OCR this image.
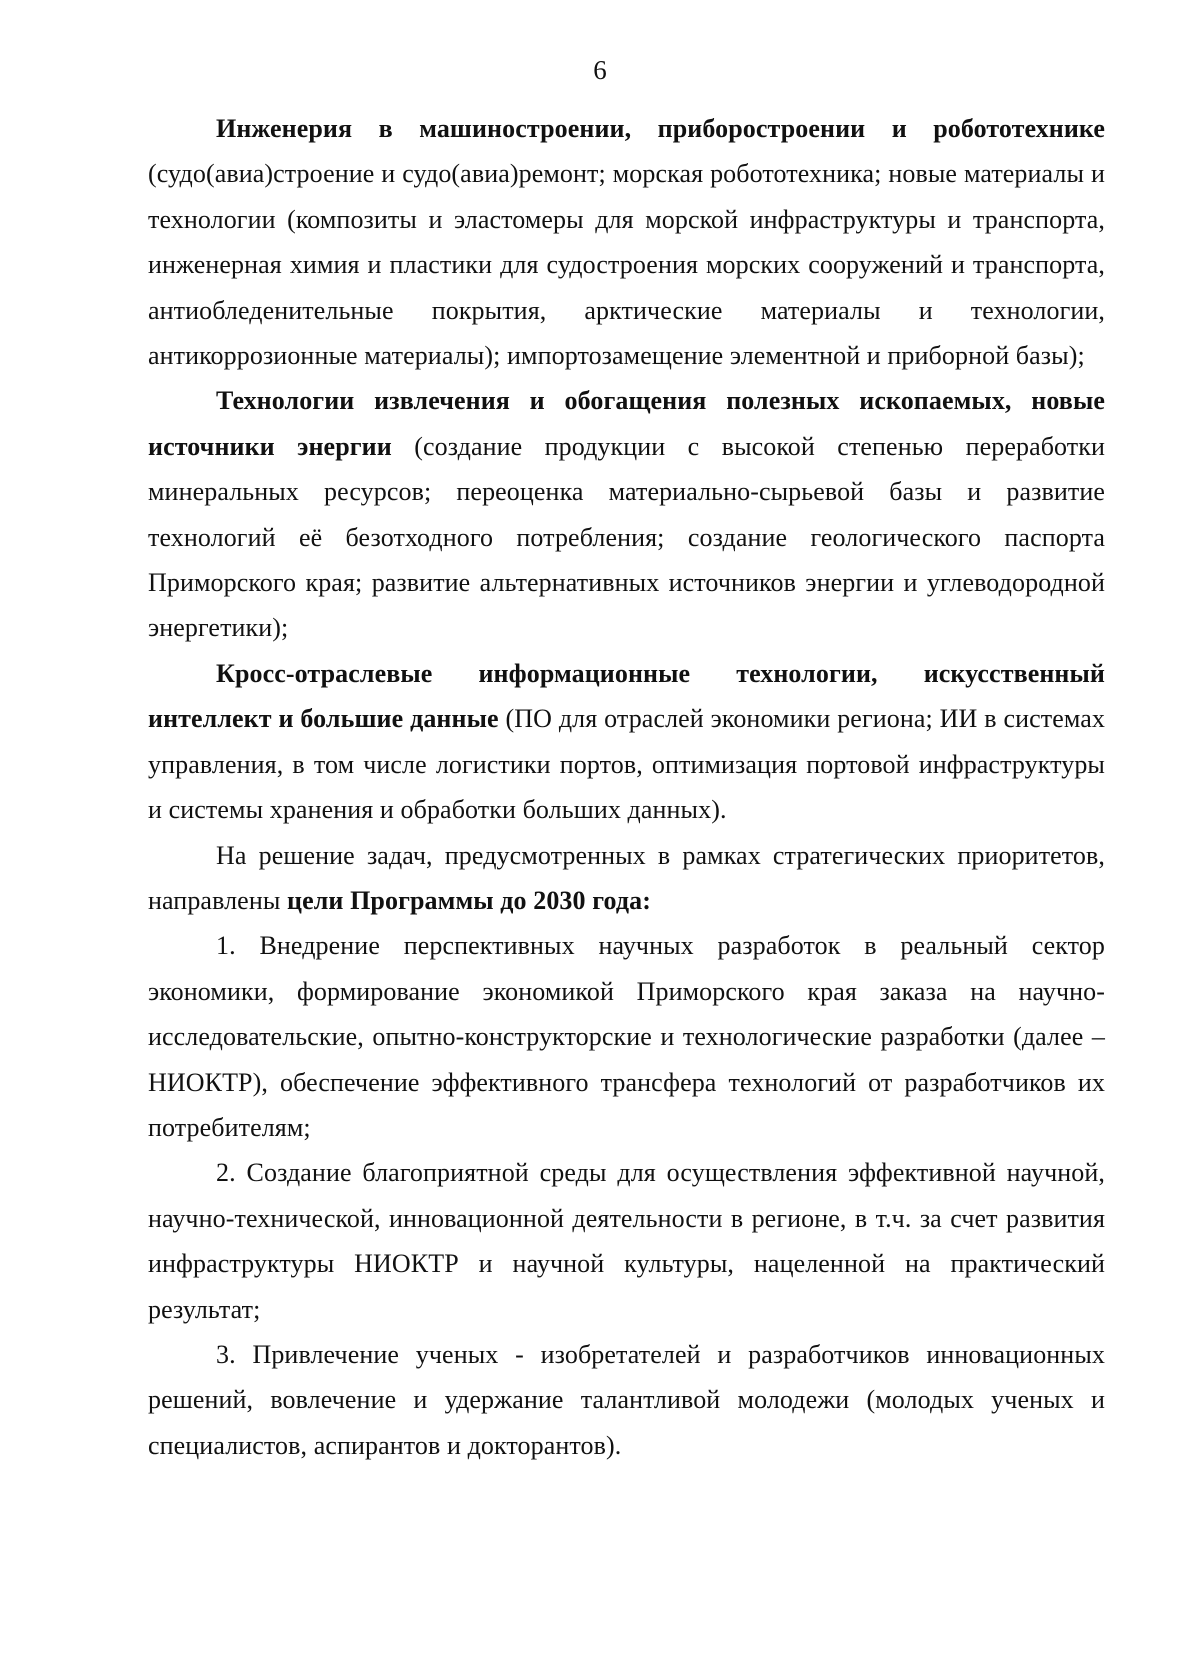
6

Инженерия в машиностроении, приборостроении и робототехнике (судо(авиа)строение и судо(авиа)ремонт; морская робототехника; новые материалы и технологии (композиты и эластомеры для морской инфраструктуры и транспорта, инженерная химия и пластики для судостроения морских сооружений и транспорта, антиобледенительные покрытия, арктические материалы и технологии, антикоррозионные материалы); импортозамещение элементной и приборной базы);

Технологии извлечения и обогащения полезных ископаемых, новые источники энергии (создание продукции с высокой степенью переработки минеральных ресурсов; переоценка материально-сырьевой базы и развитие технологий её безотходного потребления; создание геологического паспорта Приморского края; развитие альтернативных источников энергии и углеводородной энергетики);

Кросс-отраслевые информационные технологии, искусственный интеллект и большие данные (ПО для отраслей экономики региона; ИИ в системах управления, в том числе логистики портов, оптимизация портовой инфраструктуры и системы хранения и обработки больших данных).

На решение задач, предусмотренных в рамках стратегических приоритетов, направлены цели Программы до 2030 года:

1. Внедрение перспективных научных разработок в реальный сектор экономики, формирование экономикой Приморского края заказа на научно-исследовательские, опытно-конструкторские и технологические разработки (далее – НИОКТР), обеспечение эффективного трансфера технологий от разработчиков их потребителям;

2. Создание благоприятной среды для осуществления эффективной научной, научно-технической, инновационной деятельности в регионе, в т.ч. за счет развития инфраструктуры НИОКТР и научной культуры, нацеленной на практический результат;

3. Привлечение ученых - изобретателей и разработчиков инновационных решений, вовлечение и удержание талантливой молодежи (молодых ученых и специалистов, аспирантов и докторантов).
